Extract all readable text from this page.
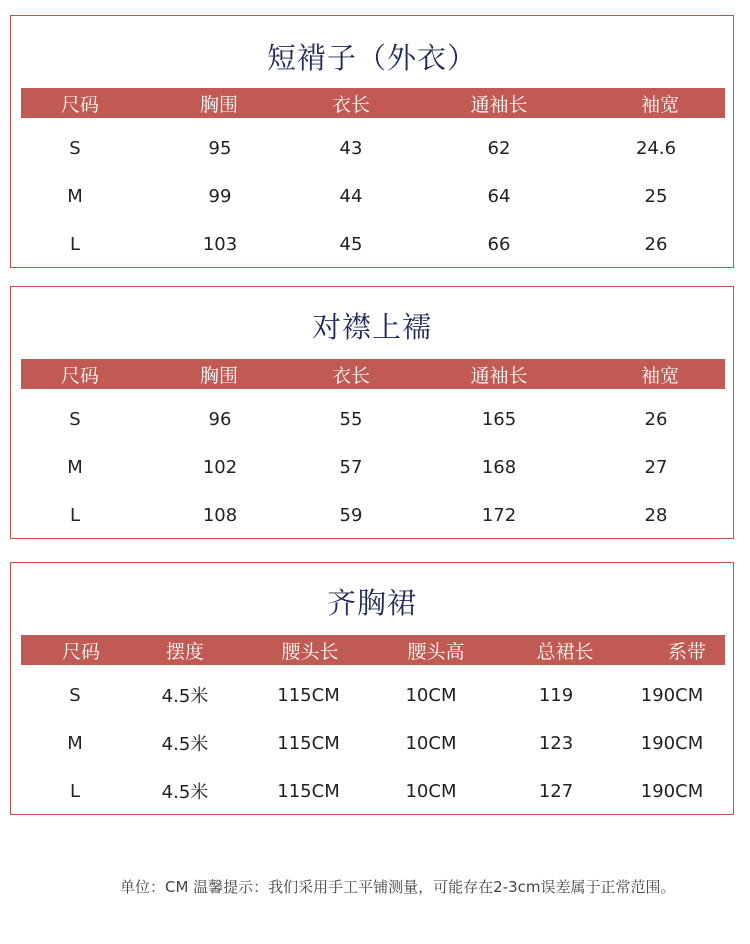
短褙子（外衣）
尺码	胸围	衣长	通袖长	袖宽
S	95	43	62	24.6
M	99	44	64	25
L	103	45	66	26
对襟上襦
尺码	胸围	衣长	通袖长	袖宽
S	96	55	165	26
M	102	57	168	27
L	108	59	172	28
齐胸裙
尺码	摆度	腰头长	腰头高	总裙长	系带
S	4.5米	115CM	10CM	119	190CM
M	4.5米	115CM	10CM	123	190CM
L	4.5米	115CM	10CM	127	190CM
单位：CM 温馨提示：我们采用手工平铺测量，可能存在2-3cm误差属于正常范围。
